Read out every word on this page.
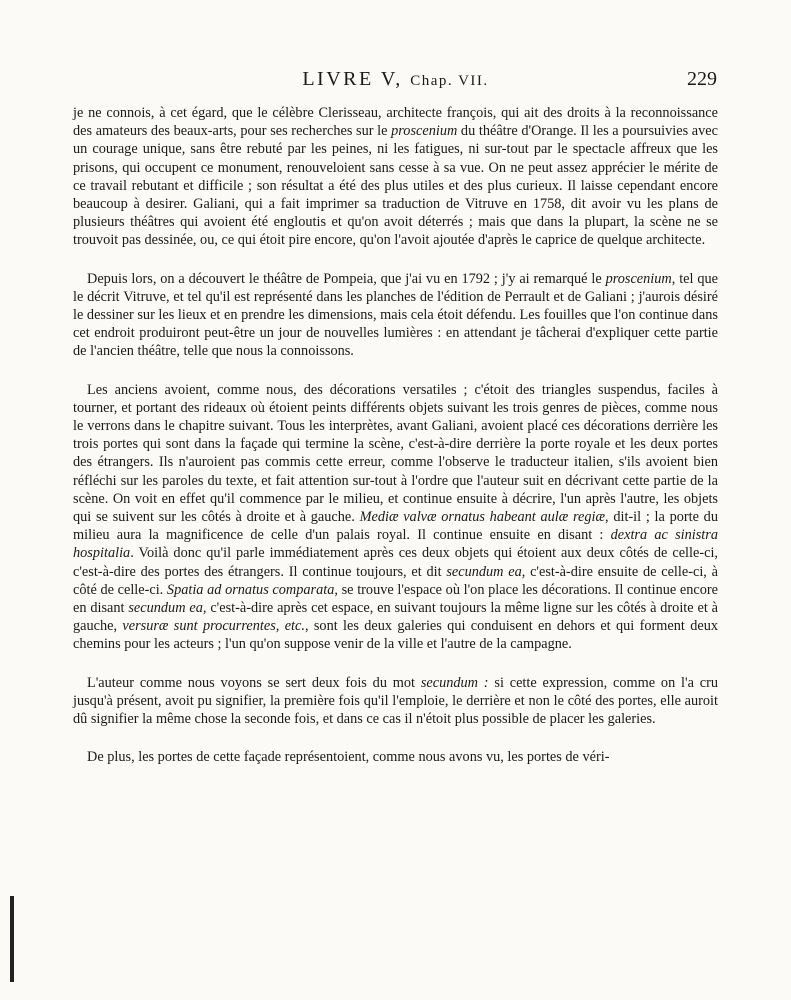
LIVRE V, Chap. VII.	229

je ne connois, à cet égard, que le célèbre Clerisseau, architecte françois, qui ait des droits à la reconnoissance des amateurs des beaux-arts, pour ses recherches sur le proscenium du théâtre d'Orange. Il les a poursuivies avec un courage unique, sans être rebuté par les peines, ni les fatigues, ni sur-tout par le spectacle affreux que les prisons, qui occupent ce monument, renouveloient sans cesse à sa vue. On ne peut assez apprécier le mérite de ce travail rebutant et difficile ; son résultat a été des plus utiles et des plus curieux. Il laisse cependant encore beaucoup à desirer. Galiani, qui a fait imprimer sa traduction de Vitruve en 1758, dit avoir vu les plans de plusieurs théâtres qui avoient été engloutis et qu'on avoit déterrés ; mais que dans la plupart, la scène ne se trouvoit pas dessinée, ou, ce qui étoit pire encore, qu'on l'avoit ajoutée d'après le caprice de quelque architecte.

Depuis lors, on a découvert le théâtre de Pompeia, que j'ai vu en 1792 ; j'y ai remarqué le proscenium, tel que le décrit Vitruve, et tel qu'il est représenté dans les planches de l'édition de Perrault et de Galiani ; j'aurois désiré le dessiner sur les lieux et en prendre les dimensions, mais cela étoit défendu. Les fouilles que l'on continue dans cet endroit produiront peut-être un jour de nouvelles lumières : en attendant je tâcherai d'expliquer cette partie de l'ancien théâtre, telle que nous la connoissons.

Les anciens avoient, comme nous, des décorations versatiles ; c'étoit des triangles suspendus, faciles à tourner, et portant des rideaux où étoient peints différents objets suivant les trois genres de pièces, comme nous le verrons dans le chapitre suivant. Tous les interprètes, avant Galiani, avoient placé ces décorations derrière les trois portes qui sont dans la façade qui termine la scène, c'est-à-dire derrière la porte royale et les deux portes des étrangers. Ils n'auroient pas commis cette erreur, comme l'observe le traducteur italien, s'ils avoient bien réfléchi sur les paroles du texte, et fait attention sur-tout à l'ordre que l'auteur suit en décrivant cette partie de la scène. On voit en effet qu'il commence par le milieu, et continue ensuite à décrire, l'un après l'autre, les objets qui se suivent sur les côtés à droite et à gauche. Mediæ valvæ ornatus habeant aulæ regiæ, dit-il ; la porte du milieu aura la magnificence de celle d'un palais royal. Il continue ensuite en disant : dextra ac sinistra hospitalia. Voilà donc qu'il parle immédiatement après ces deux objets qui étoient aux deux côtés de celle-ci, c'est-à-dire des portes des étrangers. Il continue toujours, et dit secundum ea, c'est-à-dire ensuite de celle-ci, à côté de celle-ci. Spatia ad ornatus comparata, se trouve l'espace où l'on place les décorations. Il continue encore en disant secundum ea, c'est-à-dire après cet espace, en suivant toujours la même ligne sur les côtés à droite et à gauche, versuræ sunt procurrentes, etc., sont les deux galeries qui conduisent en dehors et qui forment deux chemins pour les acteurs ; l'un qu'on suppose venir de la ville et l'autre de la campagne.

L'auteur comme nous voyons se sert deux fois du mot secundum : si cette expression, comme on l'a cru jusqu'à présent, avoit pu signifier, la première fois qu'il l'emploie, le derrière et non le côté des portes, elle auroit dû signifier la même chose la seconde fois, et dans ce cas il n'étoit plus possible de placer les galeries.

De plus, les portes de cette façade représentoient, comme nous avons vu, les portes de véri-
